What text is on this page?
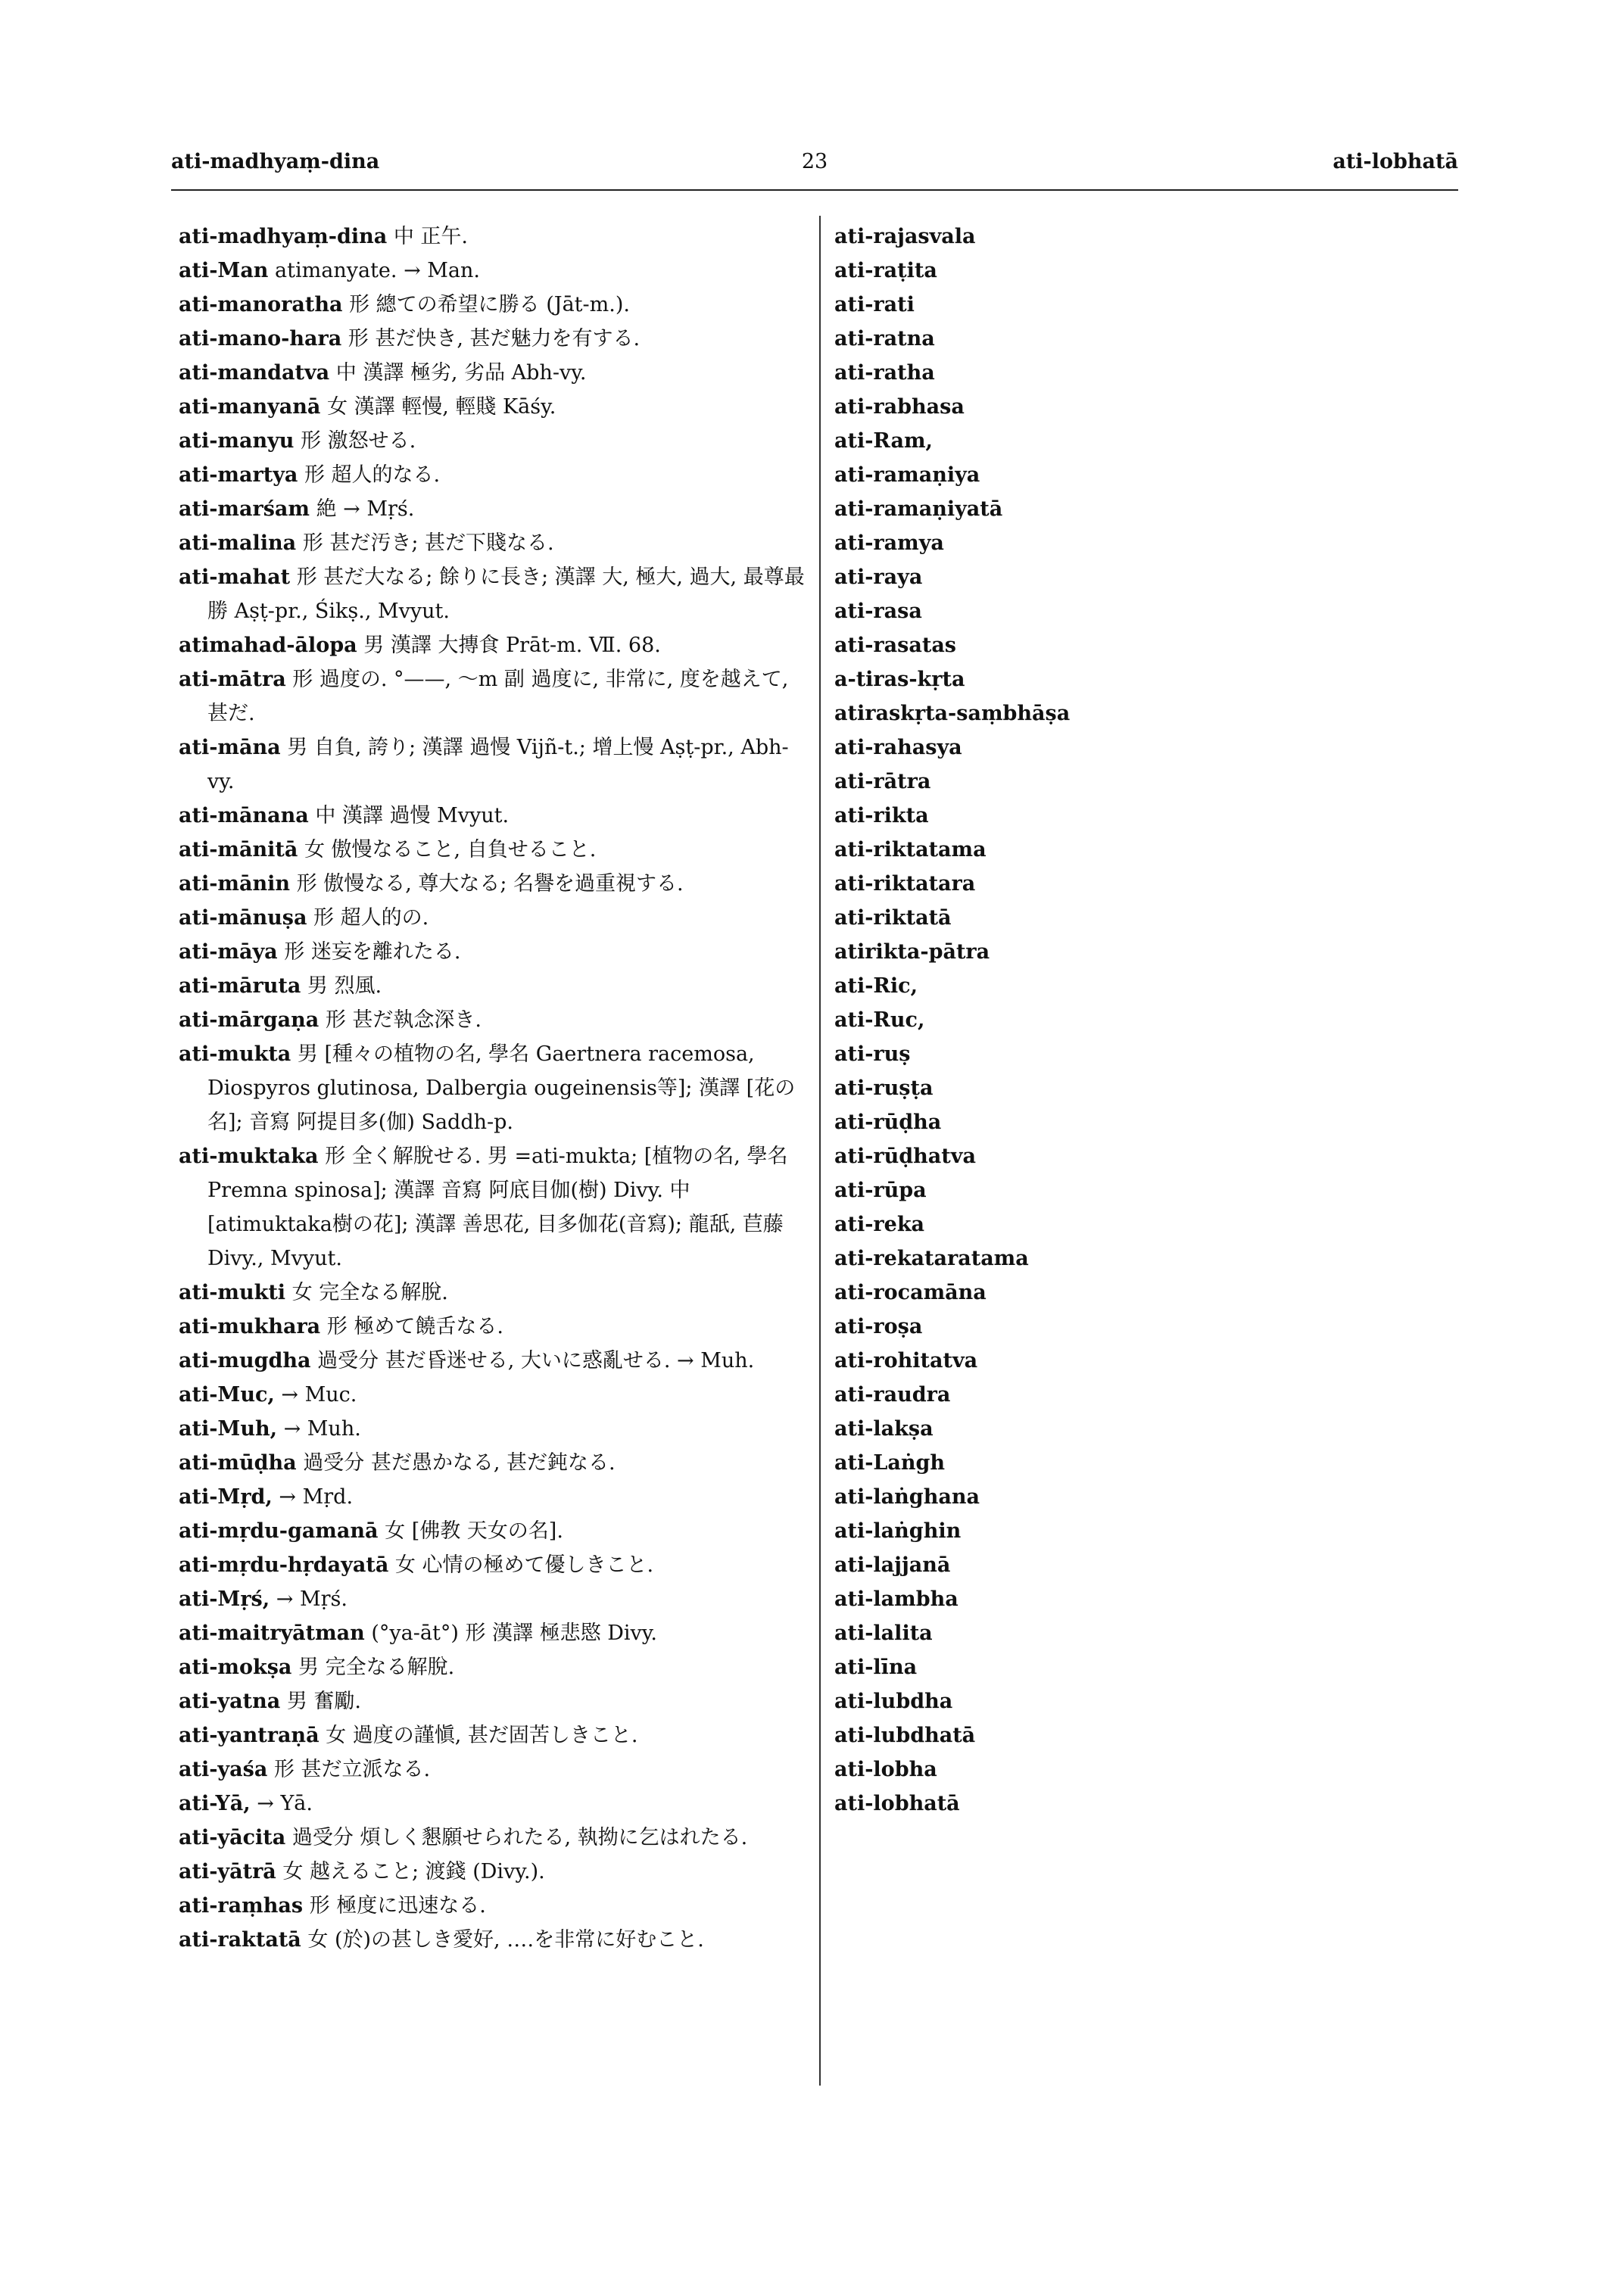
ati-madhyaṃ-dina	23	ati-lobhatā

ati-madhyaṃ-dina 中 正午.

ati-Man atimanyate. → Man.

ati-manoratha 形 總ての希望に勝る (Jāt-m.).

ati-mano-hara 形 甚だ快き, 甚だ魅力を有する.

ati-mandatva 中 漢譯 極劣, 劣品 Abh-vy.

ati-manyanā 女 漢譯 輕慢, 輕賤 Kāśy.

ati-manyu 形 激怒せる.

ati-martya 形 超人的なる.

ati-marśam 絶 → Mṛś.

ati-malina 形 甚だ汚き; 甚だ下賤なる.

ati-mahat 形 甚だ大なる; 餘りに長き; 漢譯 大, 極大, 過大, 最尊最勝 Aṣṭ-pr., Śikṣ., Mvyut.

atimahad-ālopa 男 漢譯 大摶食 Prāt-m. Ⅶ. 68.

ati-mātra 形 過度の. °——, 〜m 副 過度に, 非常に, 度を越えて, 甚だ.

ati-māna 男 自負, 誇り; 漢譯 過慢 Vijñ-t.; 增上慢 Aṣṭ-pr., Abh-vy.

ati-mānana 中 漢譯 過慢 Mvyut.

ati-mānitā 女 傲慢なること, 自負せること.

ati-mānin 形 傲慢なる, 尊大なる; 名譽を過重視する.

ati-mānuṣa 形 超人的の.

ati-māya 形 迷妄を離れたる.

ati-māruta 男 烈風.

ati-mārgaṇa 形 甚だ執念深き.

ati-mukta 男 [種々の植物の名, 學名 Gaertnera racemosa, Diospyros glutinosa, Dalbergia ougeinensis等]; 漢譯 [花の名]; 音寫 阿提目多(伽) Saddh-p.

ati-muktaka 形 全く解脫せる. 男 =ati-mukta; [植物の名, 學名 Premna spinosa]; 漢譯 音寫 阿底目伽(樹) Divy. 中 [atimuktaka樹の花]; 漢譯 善思花, 目多伽花(音寫); 龍舐, 苣藤 Divy., Mvyut.

ati-mukti 女 完全なる解脫.

ati-mukhara 形 極めて饒舌なる.

ati-mugdha 過受分 甚だ昏迷せる, 大いに惑亂せる. → Muh.

ati-Muc, → Muc.

ati-Muh, → Muh.

ati-mūḍha 過受分 甚だ愚かなる, 甚だ鈍なる.

ati-Mṛd, → Mṛd.

ati-mṛdu-gamanā 女 [佛教 天女の名].

ati-mṛdu-hṛdayatā 女 心情の極めて優しきこと.

ati-Mṛś, → Mṛś.

ati-maitryātman (°ya-āt°) 形 漢譯 極悲愍 Divy.

ati-mokṣa 男 完全なる解脫.

ati-yatna 男 奮勵.

ati-yantraṇā 女 過度の謹愼, 甚だ固苦しきこと.

ati-yaśa 形 甚だ立派なる.

ati-Yā, → Yā.

ati-yācita 過受分 煩しく懇願せられたる, 執拗に乞はれたる.

ati-yātrā 女 越えること; 渡錢 (Divy.).

ati-raṃhas 形 極度に迅速なる.

ati-raktatā 女 (於)の甚しき愛好, ‥‥を非常に好むこと.

ati-rajasvala

ati-raṭita

ati-rati

ati-ratna

ati-ratha

ati-rabhasa

ati-Ram,

ati-ramaṇiya

ati-ramaṇiyatā

ati-ramya

ati-raya

ati-rasa

ati-rasatas

a-tiras-kṛta

atiraskṛta-saṃbhāṣa

ati-rahasya

ati-rātra

ati-rikta

ati-riktatama

ati-riktatara

ati-riktatā

atirikta-pātra

ati-Ric,

ati-Ruc,

ati-ruṣ

ati-ruṣṭa

ati-rūḍha

ati-rūḍhatva

ati-rūpa

ati-reka

ati-rekataratama

ati-rocamāna

ati-roṣa

ati-rohitatva

ati-raudra

ati-lakṣa

ati-Laṅgh

ati-laṅghana

ati-laṅghin

ati-lajjanā

ati-lambha

ati-lalita

ati-līna

ati-lubdha

ati-lubdhatā

ati-lobha

ati-lobhatā
